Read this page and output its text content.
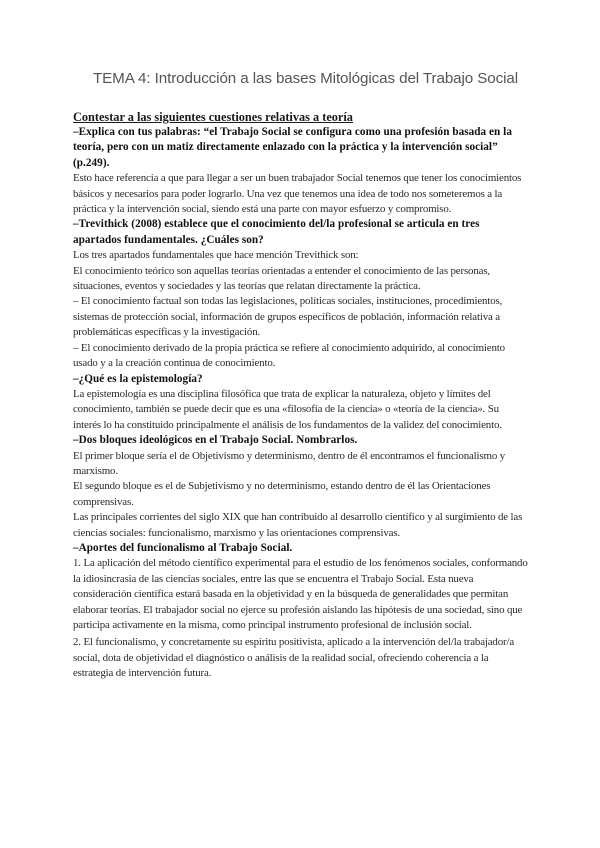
TEMA 4: Introducción a las bases Mitológicas del Trabajo Social
Contestar a las siguientes cuestiones relativas a teoría
–Explica con tus palabras: “el Trabajo Social se configura como una profesión basada en la teoría, pero con un matiz directamente enlazado con la práctica y la intervención social” (p.249).
Esto hace referencia a que para llegar a ser un buen trabajador Social tenemos que tener los conocimientos básicos y necesarios para poder lograrlo. Una vez que tenemos una idea de todo nos someteremos a la práctica y la intervención social, siendo está una parte con mayor esfuerzo y compromiso.
–Trevithick (2008) establece que el conocimiento del/la profesional se articula en tres apartados fundamentales. ¿Cuáles son?
Los tres apartados fundamentales que hace mención Trevithick son:
El conocimiento teórico son aquellas teorías orientadas a entender el conocimiento de las personas, situaciones, eventos y sociedades y las teorías que relatan directamente la práctica.
– El conocimiento factual son todas las legislaciones, políticas sociales, instituciones, procedimientos, sistemas de protección social, información de grupos específicos de población, información relativa a problemáticas específicas y la investigación.
– El conocimiento derivado de la propia práctica se refiere al conocimiento adquirido, al conocimiento usado y a la creación continua de conocimiento.
–¿Qué es la epistemología?
La epistemología es una disciplina filosófica que trata de explicar la naturaleza, objeto y límites del conocimiento, también se puede decir que es una «filosofía de la ciencia» o «teoría de la ciencia». Su interés lo ha constituido principalmente el análisis de los fundamentos de la validez del conocimiento.
–Dos bloques ideológicos en el Trabajo Social. Nombrarlos.
El primer bloque sería el de Objetivismo y determinismo, dentro de él encontramos el funcionalismo y marxismo.
El segundo bloque es el de Subjetivismo y no determinismo, estando dentro de él las Orientaciones comprensivas.
Las principales corrientes del siglo XIX que han contribuido al desarrollo científico y al surgimiento de las ciencias sociales: funcionalismo, marxismo y las orientaciones comprensivas.
–Aportes del funcionalismo al Trabajo Social.
1. La aplicación del método científico experimental para el estudio de los fenómenos sociales, conformando la idiosincrasia de las ciencias sociales, entre las que se encuentra el Trabajo Social. Esta nueva consideración científica estará basada en la objetividad y en la búsqueda de generalidades que permitan elaborar teorías. El trabajador social no ejerce su profesión aislando las hipótesis de una sociedad, sino que participa activamente en la misma, como principal instrumento profesional de inclusión social.
2. El funcionalismo, y concretamente su espíritu positivista, aplicado a la intervención del/la trabajador/a social, dota de objetividad el diagnóstico o análisis de la realidad social, ofreciendo coherencia a la estrategia de intervención futura.
